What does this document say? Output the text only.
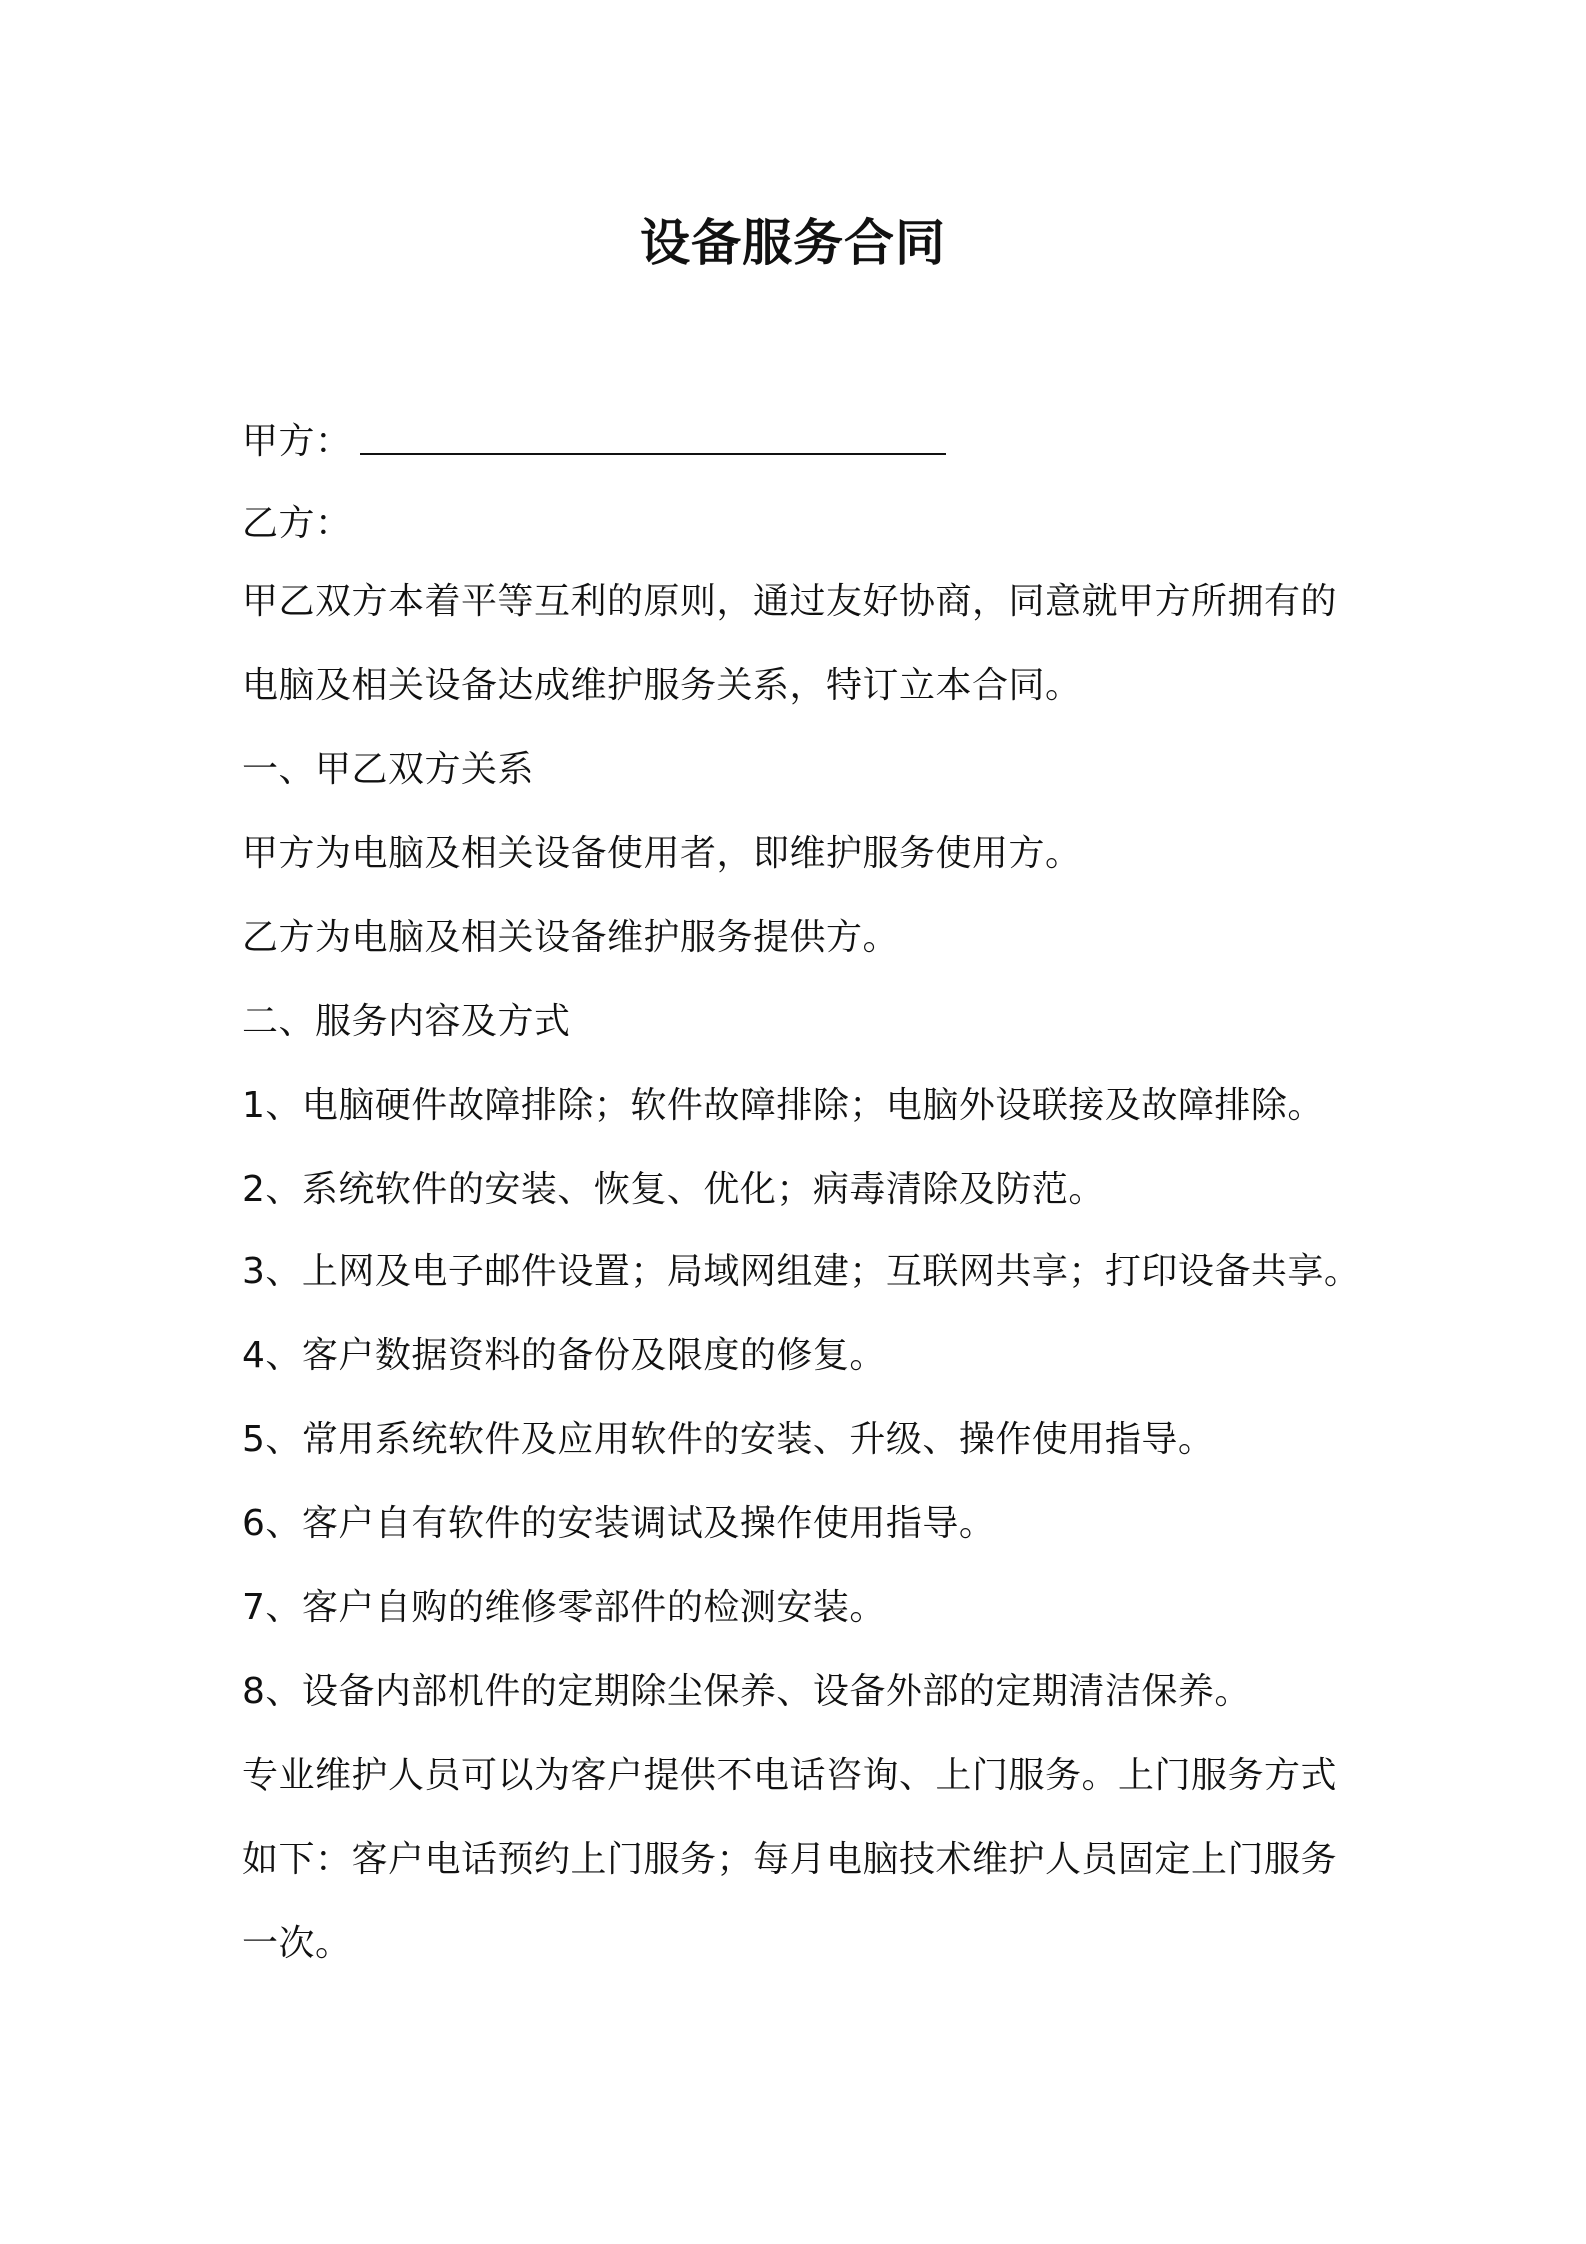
设备服务合同
甲方：
乙方：
甲乙双方本着平等互利的原则，通过友好协商，同意就甲方所拥有的
电脑及相关设备达成维护服务关系，特订立本合同。
一、甲乙双方关系
甲方为电脑及相关设备使用者，即维护服务使用方。
乙方为电脑及相关设备维护服务提供方。
二、服务内容及方式
1、电脑硬件故障排除；软件故障排除；电脑外设联接及故障排除。
2、系统软件的安装、恢复、优化；病毒清除及防范。
3、上网及电子邮件设置；局域网组建；互联网共享；打印设备共享。
4、客户数据资料的备份及限度的修复。
5、常用系统软件及应用软件的安装、升级、操作使用指导。
6、客户自有软件的安装调试及操作使用指导。
7、客户自购的维修零部件的检测安装。
8、设备内部机件的定期除尘保养、设备外部的定期清洁保养。
专业维护人员可以为客户提供不电话咨询、上门服务。上门服务方式
如下：客户电话预约上门服务；每月电脑技术维护人员固定上门服务
一次。
